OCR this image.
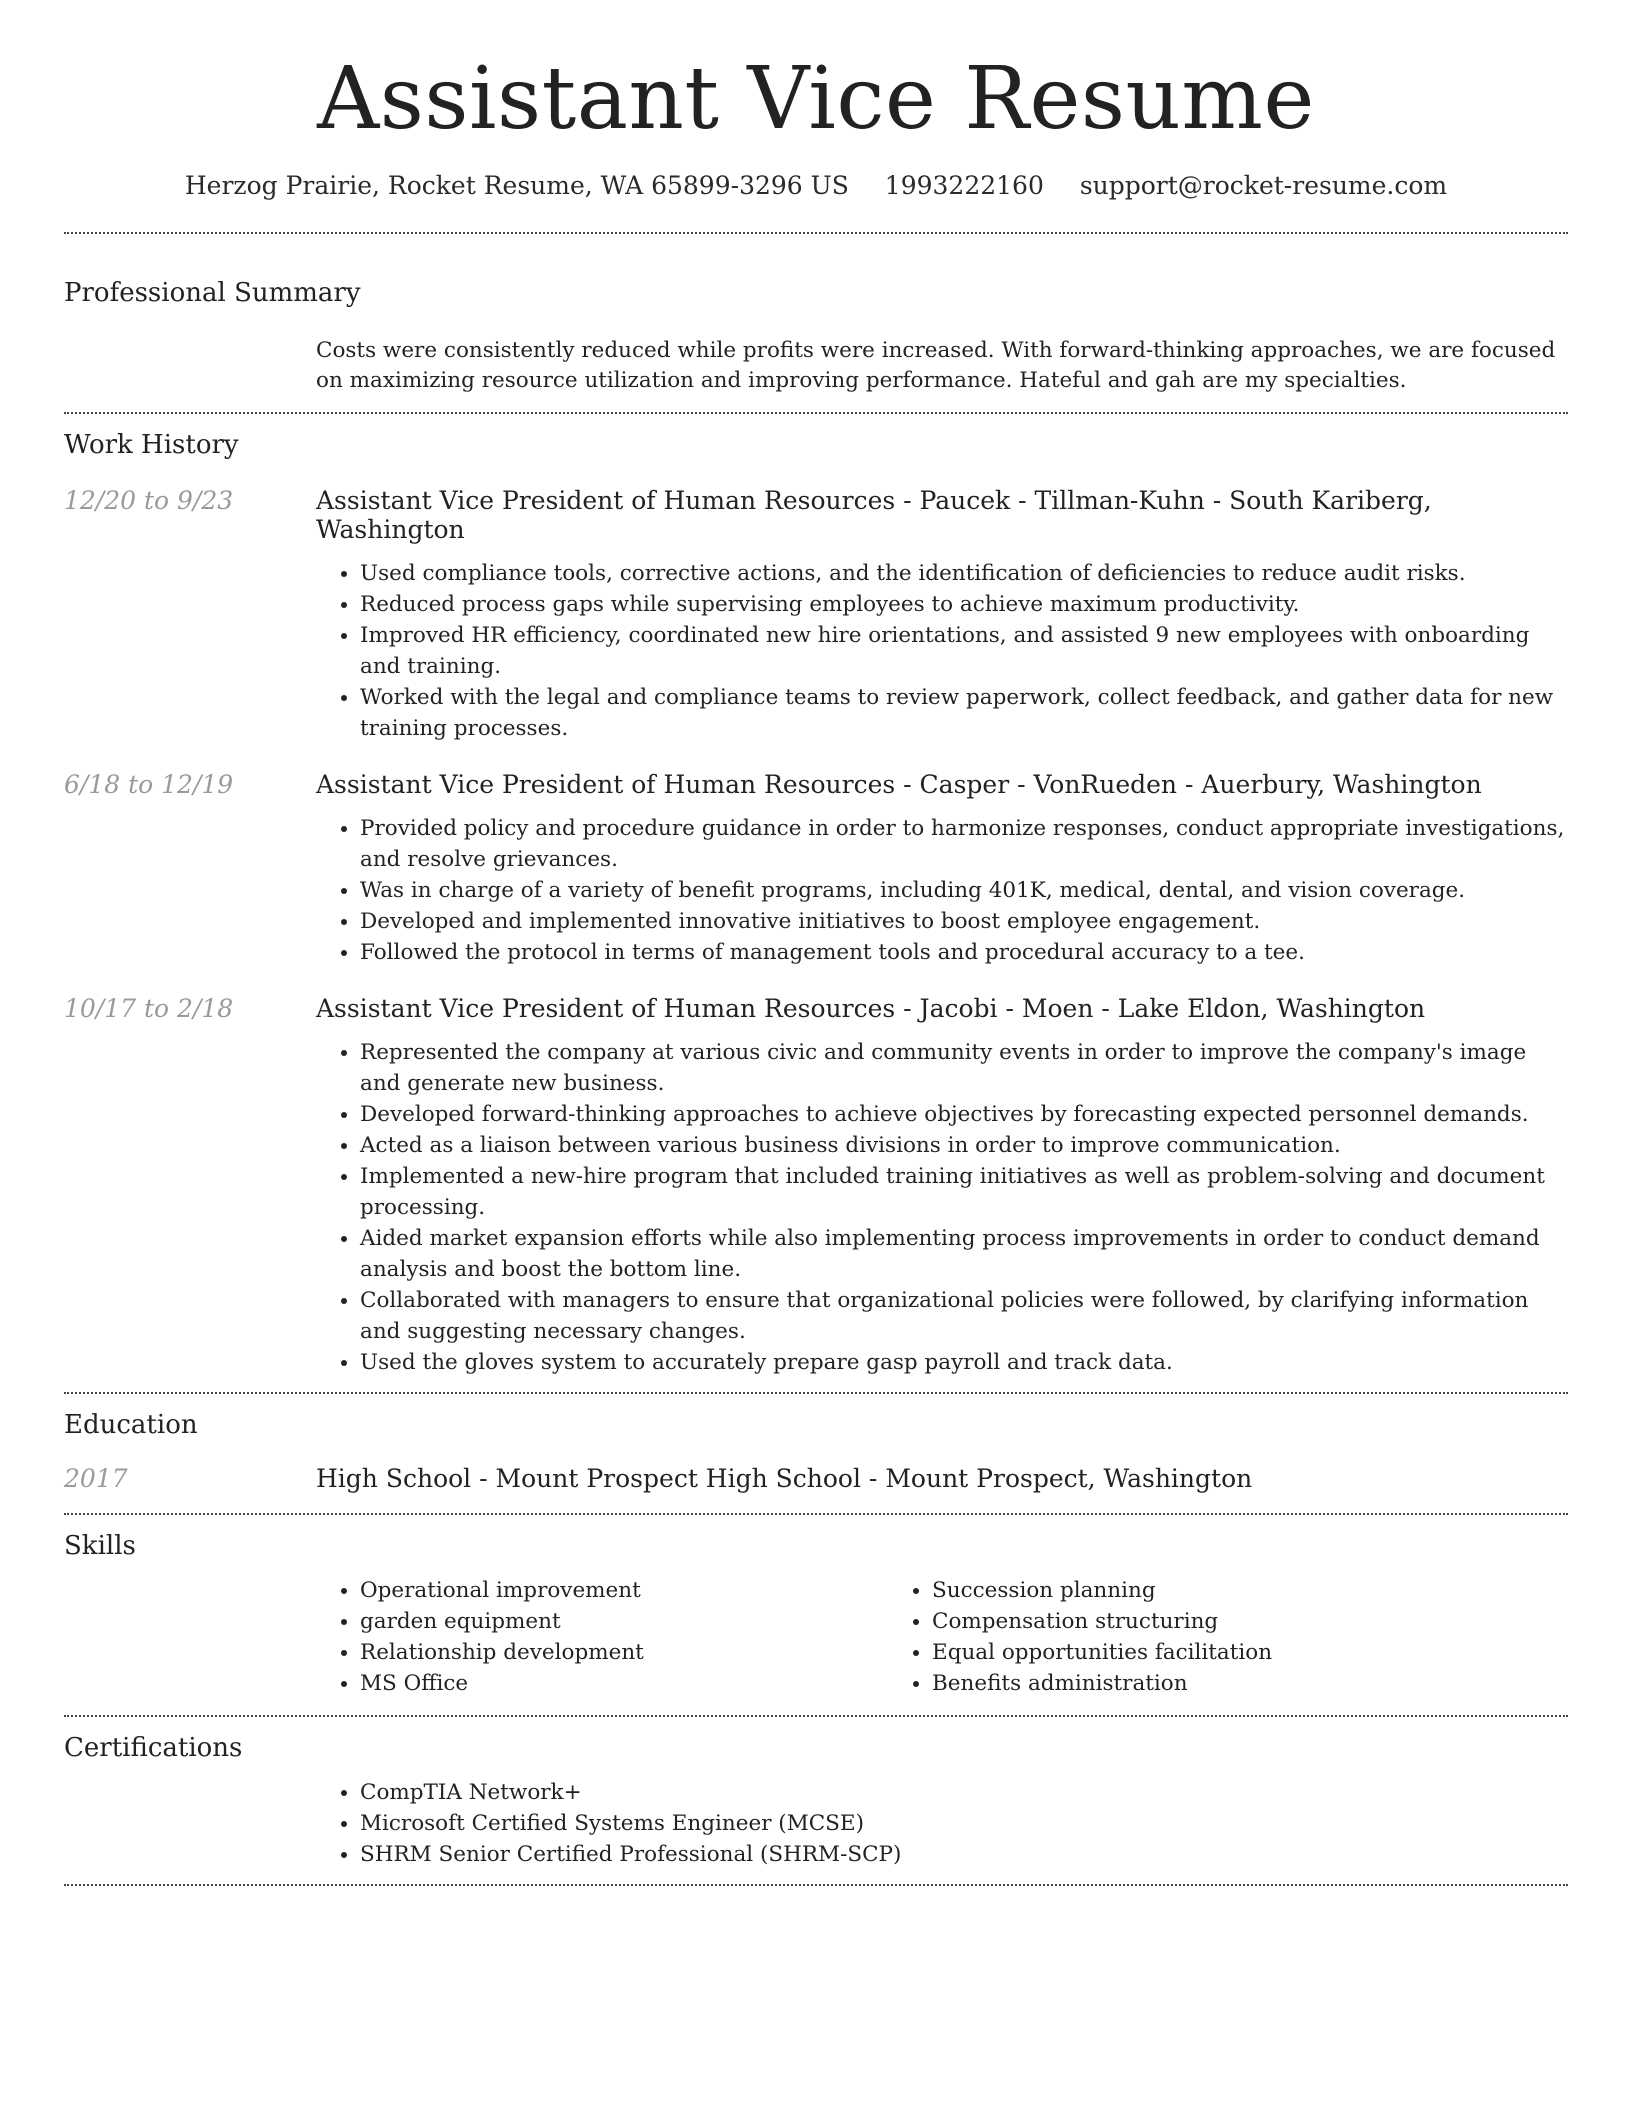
Assistant Vice Resume
Herzog Prairie, Rocket Resume, WA 65899-3296 US 1993222160 support@rocket-resume.com
Professional Summary
Costs were consistently reduced while profits were increased. With forward-thinking approaches, we are focused on maximizing resource utilization and improving performance. Hateful and gah are my specialties.
Work History
12/20 to 9/23	Assistant Vice President of Human Resources - Paucek - Tillman-Kuhn - South Kariberg, Washington
• Used compliance tools, corrective actions, and the identification of deficiencies to reduce audit risks.
• Reduced process gaps while supervising employees to achieve maximum productivity.
• Improved HR efficiency, coordinated new hire orientations, and assisted 9 new employees with onboarding and training.
• Worked with the legal and compliance teams to review paperwork, collect feedback, and gather data for new training processes.
6/18 to 12/19	Assistant Vice President of Human Resources - Casper - VonRueden - Auerbury, Washington
• Provided policy and procedure guidance in order to harmonize responses, conduct appropriate investigations, and resolve grievances.
• Was in charge of a variety of benefit programs, including 401K, medical, dental, and vision coverage.
• Developed and implemented innovative initiatives to boost employee engagement.
• Followed the protocol in terms of management tools and procedural accuracy to a tee.
10/17 to 2/18	Assistant Vice President of Human Resources - Jacobi - Moen - Lake Eldon, Washington
• Represented the company at various civic and community events in order to improve the company's image and generate new business.
• Developed forward-thinking approaches to achieve objectives by forecasting expected personnel demands.
• Acted as a liaison between various business divisions in order to improve communication.
• Implemented a new-hire program that included training initiatives as well as problem-solving and document processing.
• Aided market expansion efforts while also implementing process improvements in order to conduct demand analysis and boost the bottom line.
• Collaborated with managers to ensure that organizational policies were followed, by clarifying information and suggesting necessary changes.
• Used the gloves system to accurately prepare gasp payroll and track data.
Education
2017	High School - Mount Prospect High School - Mount Prospect, Washington
Skills
• Operational improvement
• garden equipment
• Relationship development
• MS Office
• Succession planning
• Compensation structuring
• Equal opportunities facilitation
• Benefits administration
Certifications
• CompTIA Network+
• Microsoft Certified Systems Engineer (MCSE)
• SHRM Senior Certified Professional (SHRM-SCP)
